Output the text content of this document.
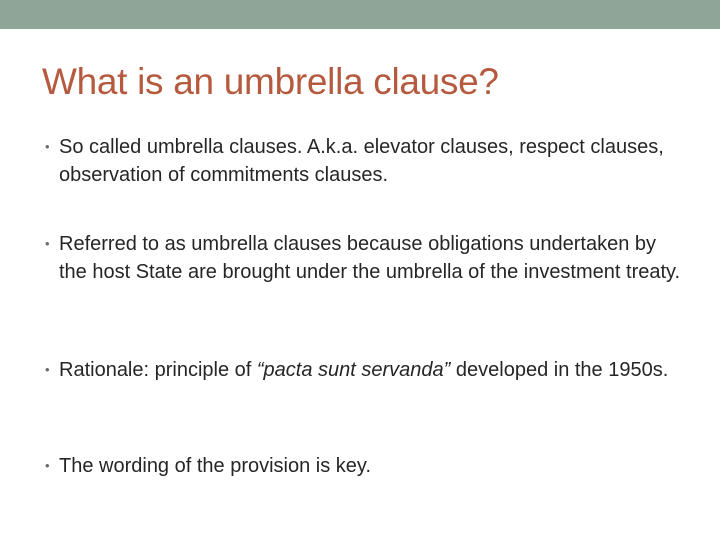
What is an umbrella clause?
• So called umbrella clauses. A.k.a. elevator clauses, respect clauses, observation of commitments clauses.
• Referred to as umbrella clauses because obligations undertaken by the host State are brought under the umbrella of the investment treaty.
• Rationale: principle of “pacta sunt servanda” developed in the 1950s.
• The wording of the provision is key.
